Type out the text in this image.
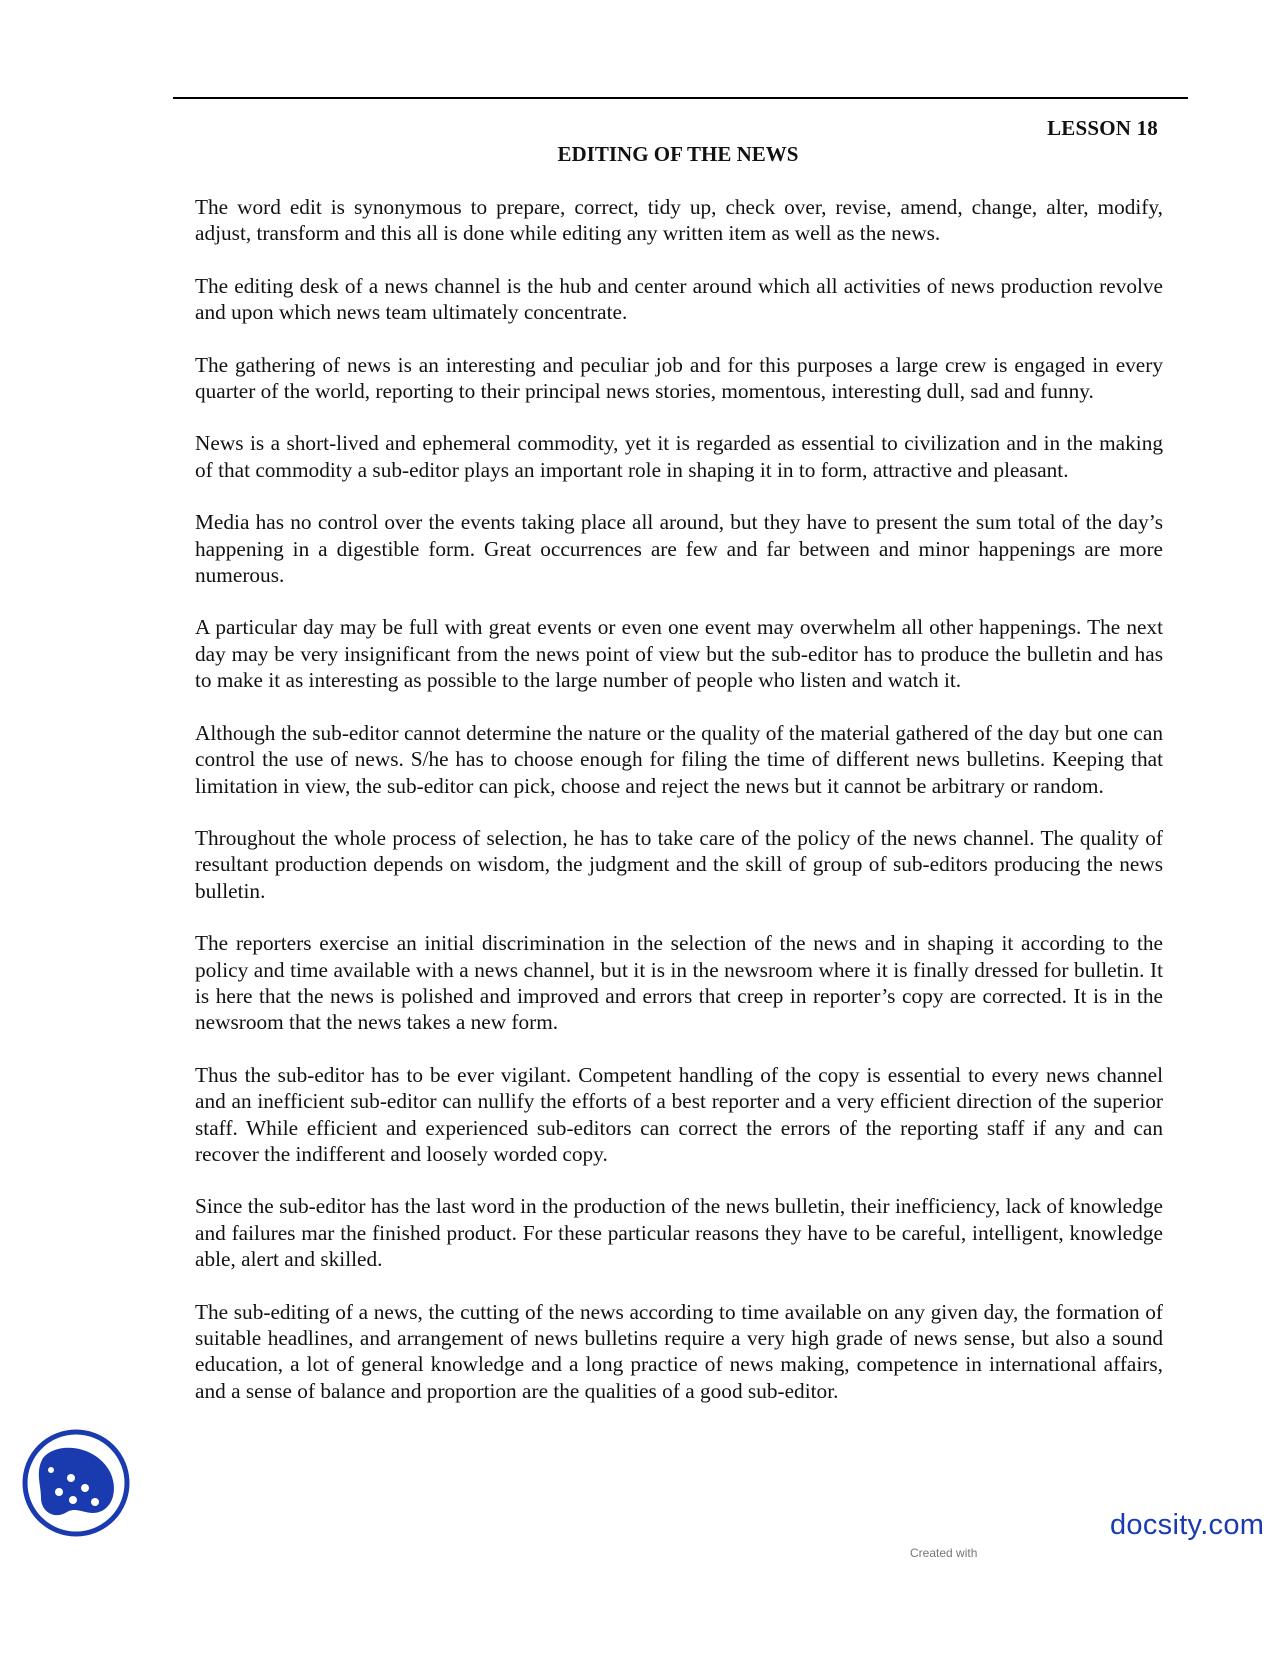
LESSON 18
EDITING OF THE NEWS

The word edit is synonymous to prepare, correct, tidy up, check over, revise, amend, change, alter, modify, adjust, transform and this all is done while editing any written item as well as the news.

The editing desk of a news channel is the hub and center around which all activities of news production revolve and upon which news team ultimately concentrate.

The gathering of news is an interesting and peculiar job and for this purposes a large crew is engaged in every quarter of the world, reporting to their principal news stories, momentous, interesting dull, sad and funny.

News is a short-lived and ephemeral commodity, yet it is regarded as essential to civilization and in the making of that commodity a sub-editor plays an important role in shaping it in to form, attractive and pleasant.

Media has no control over the events taking place all around, but they have to present the sum total of the day’s happening in a digestible form. Great occurrences are few and far between and minor happenings are more numerous.

A particular day may be full with great events or even one event may overwhelm all other happenings. The next day may be very insignificant from the news point of view but the sub-editor has to produce the bulletin and has to make it as interesting as possible to the large number of people who listen and watch it.

Although the sub-editor cannot determine the nature or the quality of the material gathered of the day but one can control the use of news. S/he has to choose enough for filing the time of different news bulletins. Keeping that limitation in view, the sub-editor can pick, choose and reject the news but it cannot be arbitrary or random.

Throughout the whole process of selection, he has to take care of the policy of the news channel. The quality of resultant production depends on wisdom, the judgment and the skill of group of sub-editors producing the news bulletin.

The reporters exercise an initial discrimination in the selection of the news and in shaping it according to the policy and time available with a news channel, but it is in the newsroom where it is finally dressed for bulletin. It is here that the news is polished and improved and errors that creep in reporter’s copy are corrected. It is in the newsroom that the news takes a new form.

Thus the sub-editor has to be ever vigilant. Competent handling of the copy is essential to every news channel and an inefficient sub-editor can nullify the efforts of a best reporter and a very efficient direction of the superior staff. While efficient and experienced sub-editors can correct the errors of the reporting staff if any and can recover the indifferent and loosely worded copy.

Since the sub-editor has the last word in the production of the news bulletin, their inefficiency, lack of knowledge and failures mar the finished product. For these particular reasons they have to be careful, intelligent, knowledge able, alert and skilled.

The sub-editing of a news, the cutting of the news according to time available on any given day, the formation of suitable headlines, and arrangement of news bulletins require a very high grade of news sense, but also a sound education, a lot of general knowledge and a long practice of news making, competence in international affairs, and a sense of balance and proportion are the qualities of a good sub-editor.

docsity.com
Created with
